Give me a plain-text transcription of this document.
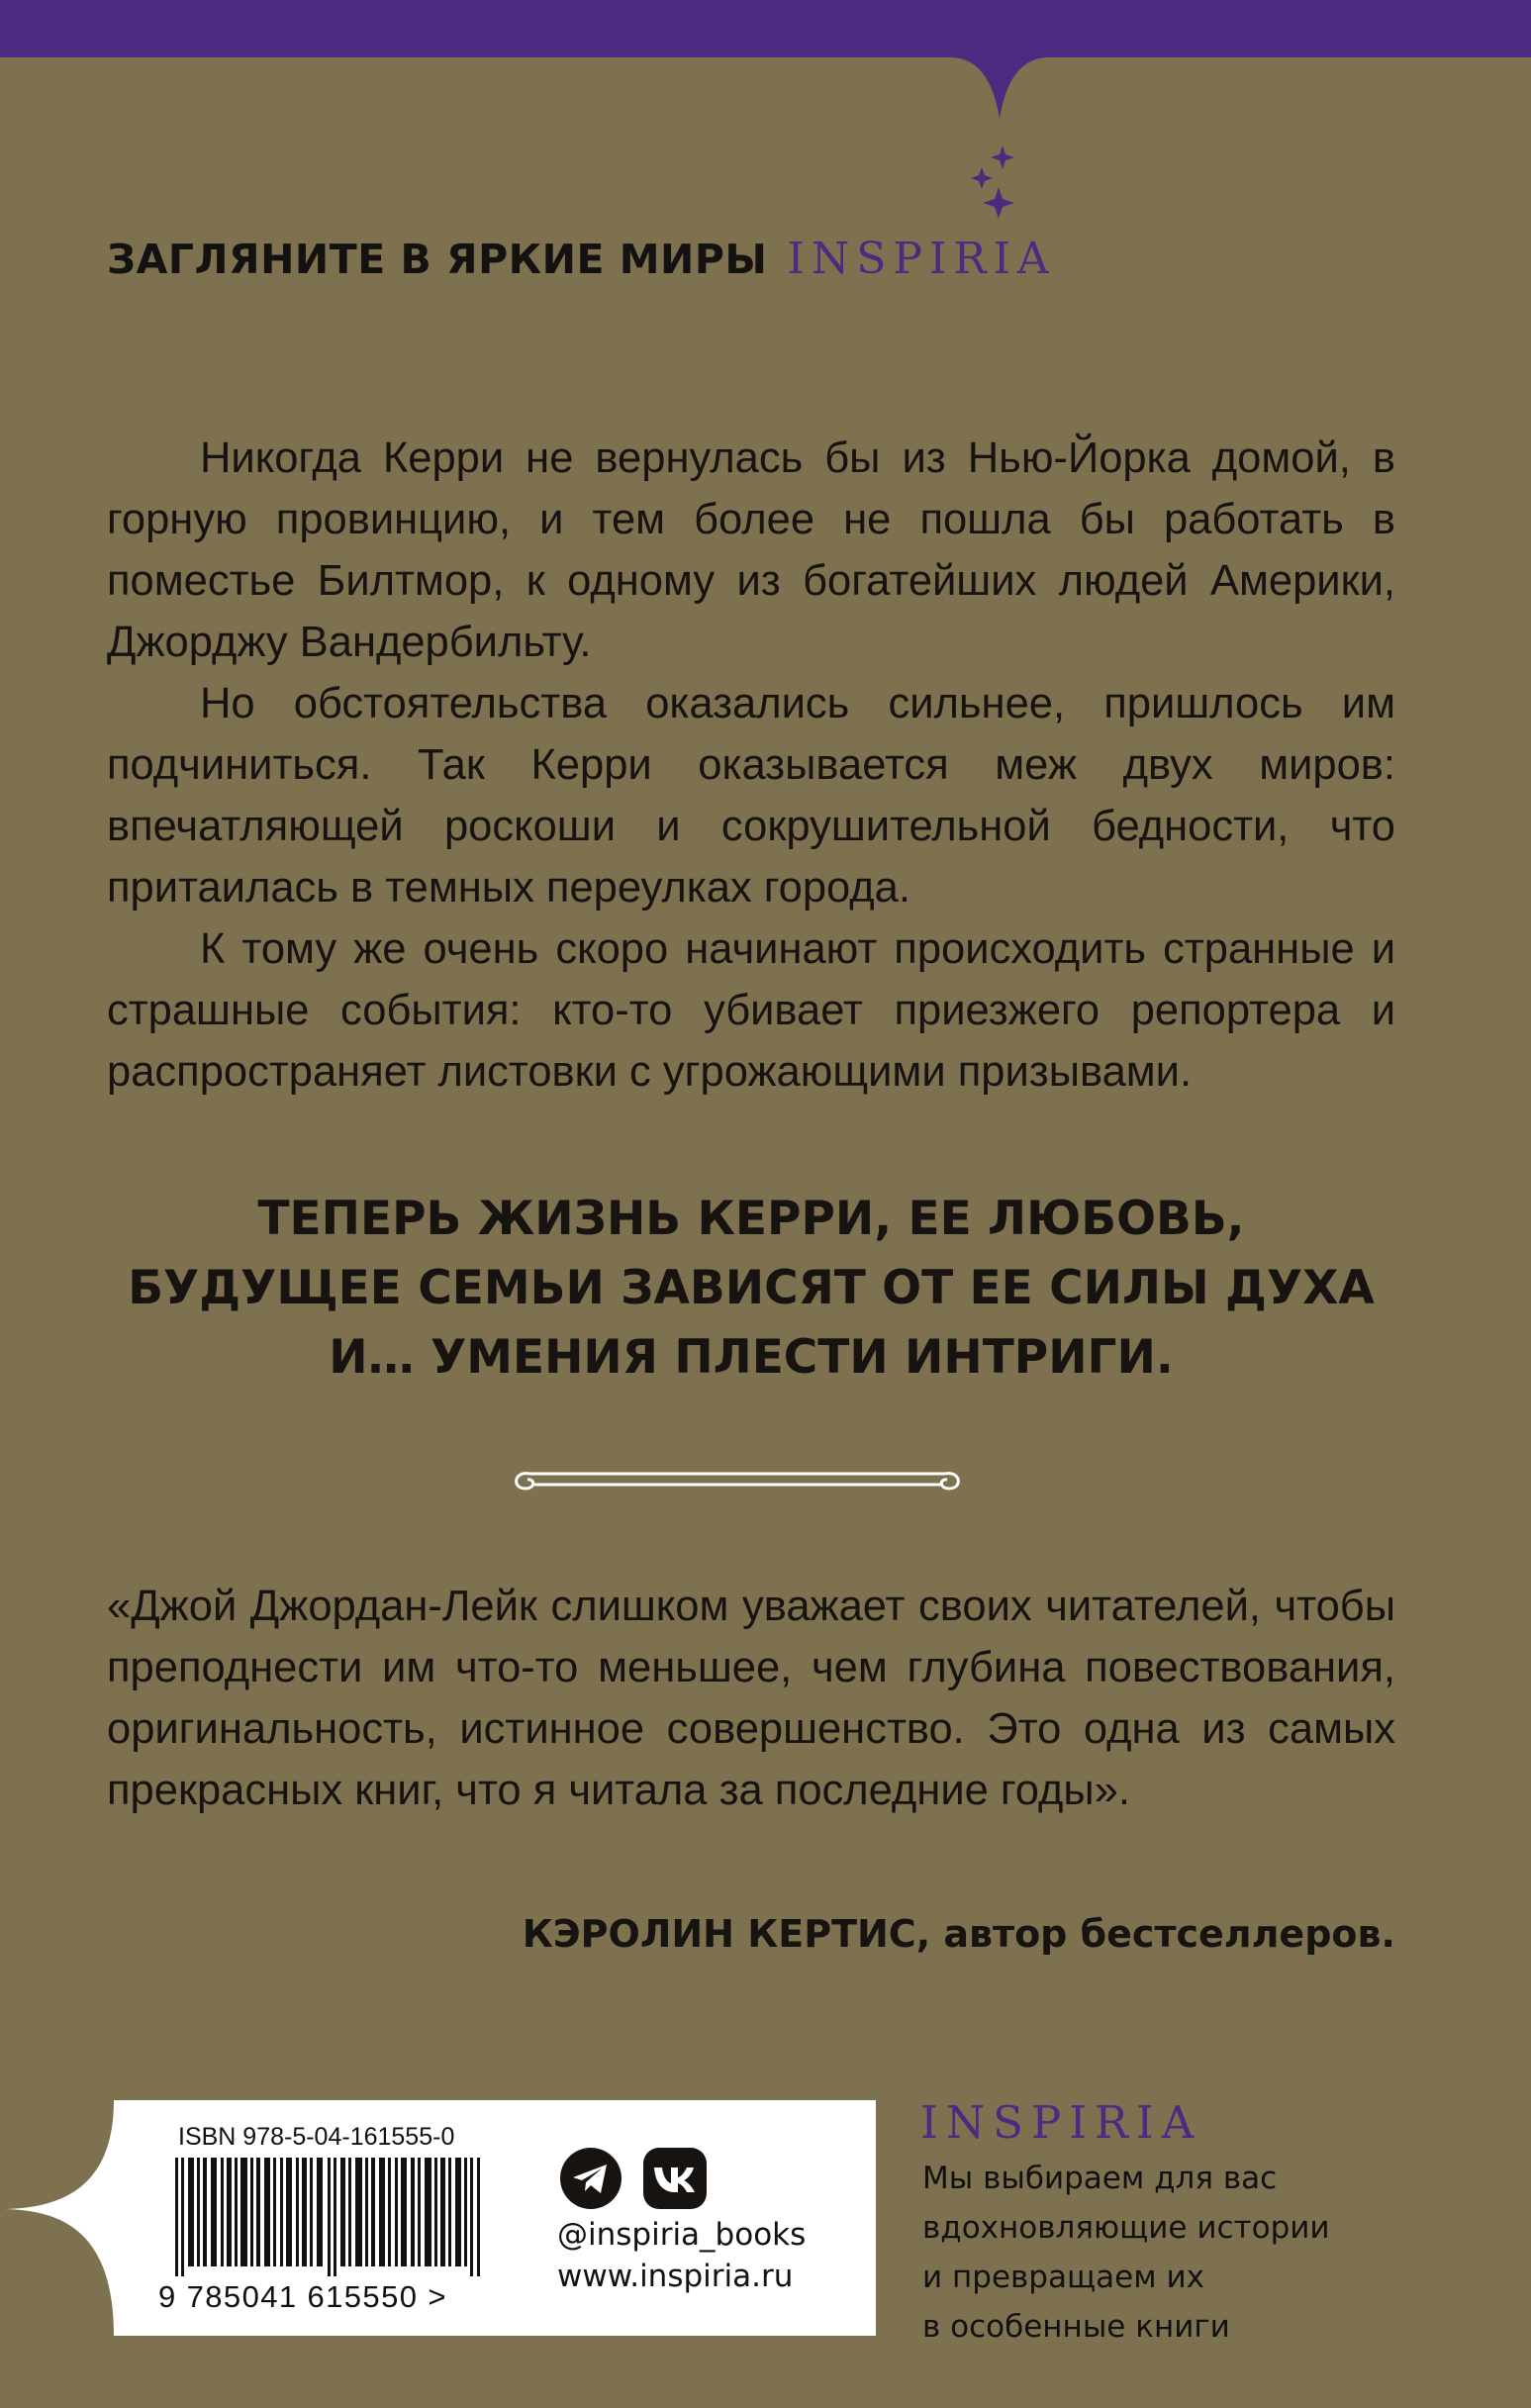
ЗАГЛЯНИТЕ В ЯРКИЕ МИРЫ INSPIRIA

Никогда Керри не вернулась бы из Нью-Йорка домой, в горную провинцию, и тем более не пошла бы работать в поместье Билтмор, к одному из богатейших людей Америки, Джорджу Вандербильту.

Но обстоятельства оказались сильнее, пришлось им подчиниться. Так Керри оказывается меж двух миров: впечатляющей роскоши и сокрушительной бедности, что притаилась в темных переулках города.

К тому же очень скоро начинают происходить странные и страшные события: кто-то убивает приезжего репортера и распространяет листовки с угрожающими призывами.

ТЕПЕРЬ ЖИЗНЬ КЕРРИ, ЕЕ ЛЮБОВЬ,
БУДУЩЕЕ СЕМЬИ ЗАВИСЯТ ОТ ЕЕ СИЛЫ ДУХА
И… УМЕНИЯ ПЛЕСТИ ИНТРИГИ.

«Джой Джордан-Лейк слишком уважает своих читателей, чтобы преподнести им что-то меньшее, чем глубина повествования, оригинальность, истинное совершенство. Это одна из самых прекрасных книг, что я читала за последние годы».

КЭРОЛИН КЕРТИС, автор бестселлеров.
ISBN 978-5-04-161555-0
9 785041 615550 >
@inspiria_books
www.inspiria.ru
INSPIRIA
Мы выбираем для вас
вдохновляющие истории
и превращаем их
в особенные книги
